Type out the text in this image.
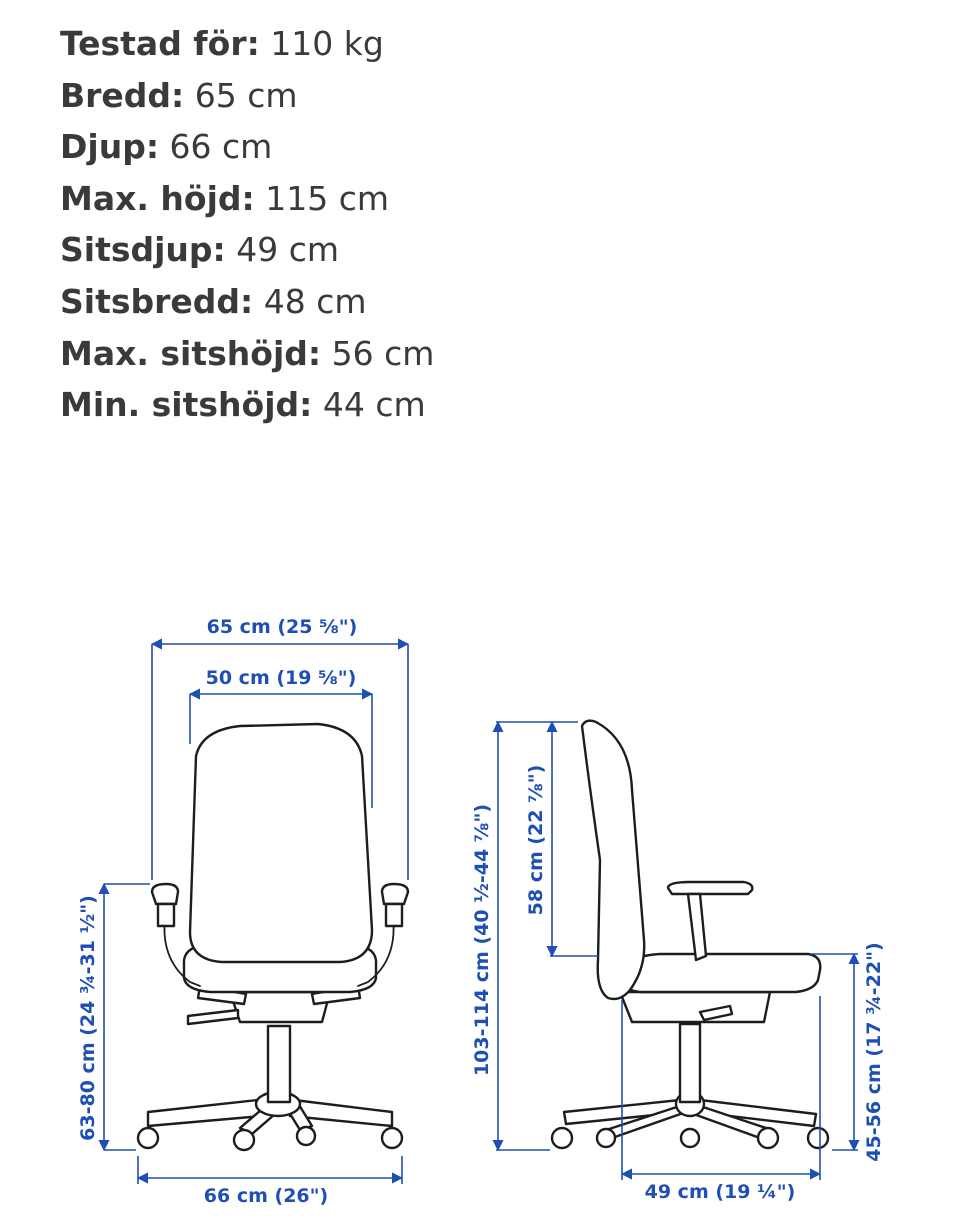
Testad för: 110 kg
Bredd: 65 cm
Djup: 66 cm
Max. höjd: 115 cm
Sitsdjup: 49 cm
Sitsbredd: 48 cm
Max. sitshöjd: 56 cm
Min. sitshöjd: 44 cm
65 cm (25 ⅝")
50 cm (19 ⅝")
63-80 cm (24 ¾-31 ½")
66 cm (26")
103-114 cm (40 ½-44 ⅞") 58 cm (22 ⅞")
45-56 cm (17 ¾-22")
49 cm (19 ¼")
